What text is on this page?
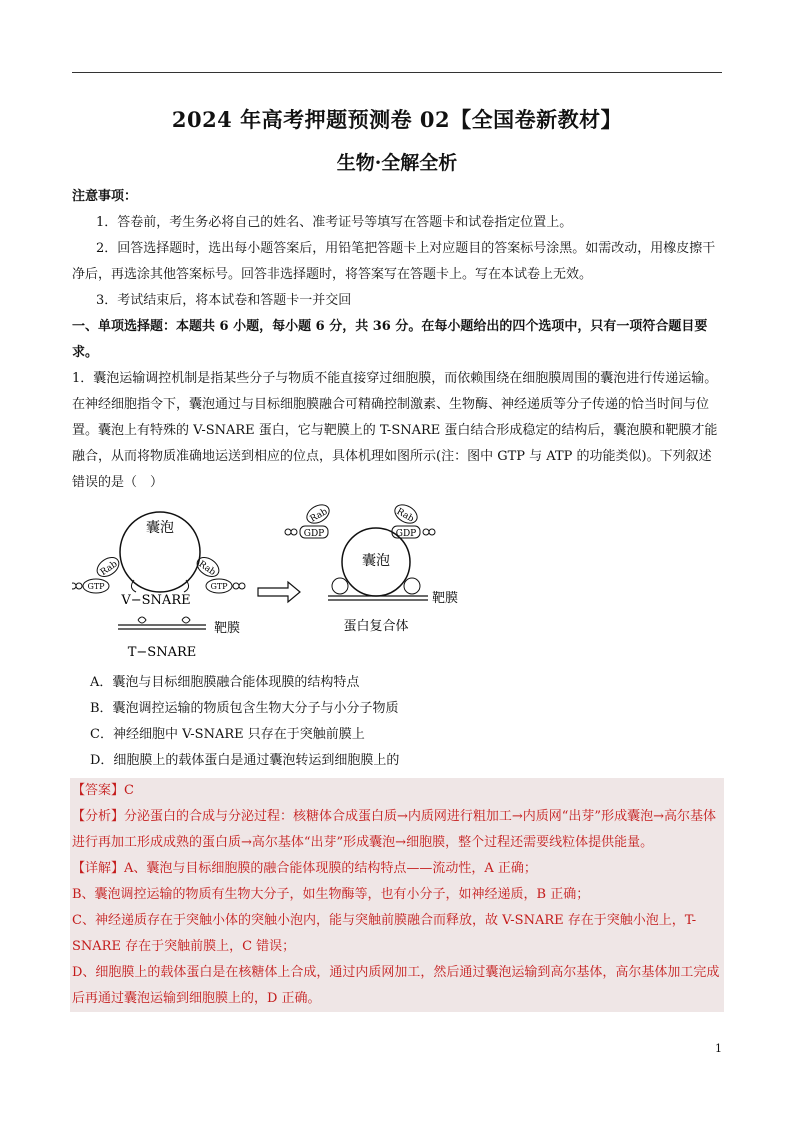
2024 年高考押题预测卷 02【全国卷新教材】
生物·全解全析

注意事项：

1．答卷前，考生务必将自己的姓名、准考证号等填写在答题卡和试卷指定位置上。

2．回答选择题时，选出每小题答案后，用铅笔把答题卡上对应题目的答案标号涂黑。如需改动，用橡皮擦干净后，再选涂其他答案标号。回答非选择题时，将答案写在答题卡上。写在本试卷上无效。

3．考试结束后，将本试卷和答题卡一并交回

一、单项选择题：本题共 6 小题，每小题 6 分，共 36 分。在每小题给出的四个选项中，只有一项符合题目要求。

1．囊泡运输调控机制是指某些分子与物质不能直接穿过细胞膜，而依赖围绕在细胞膜周围的囊泡进行传递运输。在神经细胞指令下，囊泡通过与目标细胞膜融合可精确控制激素、生物酶、神经递质等分子传递的恰当时间与位置。囊泡上有特殊的 V-SNARE 蛋白，它与靶膜上的 T-SNARE 蛋白结合形成稳定的结构后，囊泡膜和靶膜才能融合，从而将物质准确地运送到相应的位点，具体机理如图所示(注：图中 GTP 与 ATP 的功能类似)。下列叙述错误的是（　）

囊泡
Rab
GTP
Rab
GTP
V−SNARE
靶膜
T−SNARE
囊泡
Rab
GDP
Rab
GDP
靶膜
蛋白复合体

A．囊泡与目标细胞膜融合能体现膜的结构特点

B．囊泡调控运输的物质包含生物大分子与小分子物质

C．神经细胞中 V-SNARE 只存在于突触前膜上

D．细胞膜上的载体蛋白是通过囊泡转运到细胞膜上的

【答案】C

【分析】分泌蛋白的合成与分泌过程：核糖体合成蛋白质→内质网进行粗加工→内质网“出芽”形成囊泡→高尔基体进行再加工形成成熟的蛋白质→高尔基体“出芽”形成囊泡→细胞膜，整个过程还需要线粒体提供能量。

【详解】A、囊泡与目标细胞膜的融合能体现膜的结构特点——流动性，A 正确；

B、囊泡调控运输的物质有生物大分子，如生物酶等，也有小分子，如神经递质，B 正确；

C、神经递质存在于突触小体的突触小泡内，能与突触前膜融合而释放，故 V-SNARE 存在于突触小泡上，T-SNARE 存在于突触前膜上，C 错误；

D、细胞膜上的载体蛋白是在核糖体上合成，通过内质网加工，然后通过囊泡运输到高尔基体，高尔基体加工完成后再通过囊泡运输到细胞膜上的，D 正确。

1
